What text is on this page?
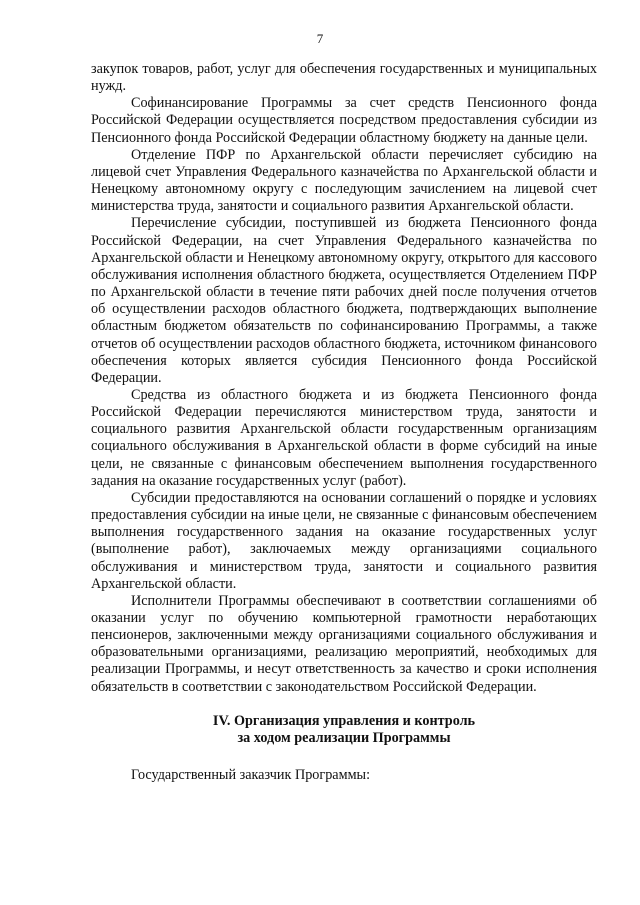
7

закупок товаров, работ, услуг для обеспечения государственных и муниципальных нужд.

Софинансирование Программы за счет средств Пенсионного фонда Российской Федерации осуществляется посредством предоставления субсидии из Пенсионного фонда Российской Федерации областному бюджету на данные цели.

Отделение ПФР по Архангельской области перечисляет субсидию на лицевой счет Управления Федерального казначейства по Архангельской области и Ненецкому автономному округу с последующим зачислением на лицевой счет министерства труда, занятости и социального развития Архангельской области.

Перечисление субсидии, поступившей из бюджета Пенсионного фонда Российской Федерации, на счет Управления Федерального казначейства по Архангельской области и Ненецкому автономному округу, открытого для кассового обслуживания исполнения областного бюджета, осуществляется Отделением ПФР по Архангельской области в течение пяти рабочих дней после получения отчетов об осуществлении расходов областного бюджета, подтверждающих выполнение областным бюджетом обязательств по софинансированию Программы, а также отчетов об осуществлении расходов областного бюджета, источником финансового обеспечения которых является субсидия Пенсионного фонда Российской Федерации.

Средства из областного бюджета и из бюджета Пенсионного фонда Российской Федерации перечисляются министерством труда, занятости и социального развития Архангельской области государственным организациям социального обслуживания в Архангельской области в форме субсидий на иные цели, не связанные с финансовым обеспечением выполнения государственного задания на оказание государственных услуг (работ).

Субсидии предоставляются на основании соглашений о порядке и условиях предоставления субсидии на иные цели, не связанные с финансовым обеспечением выполнения государственного задания на оказание государственных услуг (выполнение работ), заключаемых между организациями социального обслуживания и министерством труда, занятости и социального развития Архангельской области.

Исполнители Программы обеспечивают в соответствии соглашениями об оказании услуг по обучению компьютерной грамотности неработающих пенсионеров, заключенными между организациями социального обслуживания и образовательными организациями, реализацию мероприятий, необходимых для реализации Программы, и несут ответственность за качество и сроки исполнения обязательств в соответствии с законодательством Российской Федерации.

IV. Организация управления и контроль
за ходом реализации Программы

Государственный заказчик Программы:
